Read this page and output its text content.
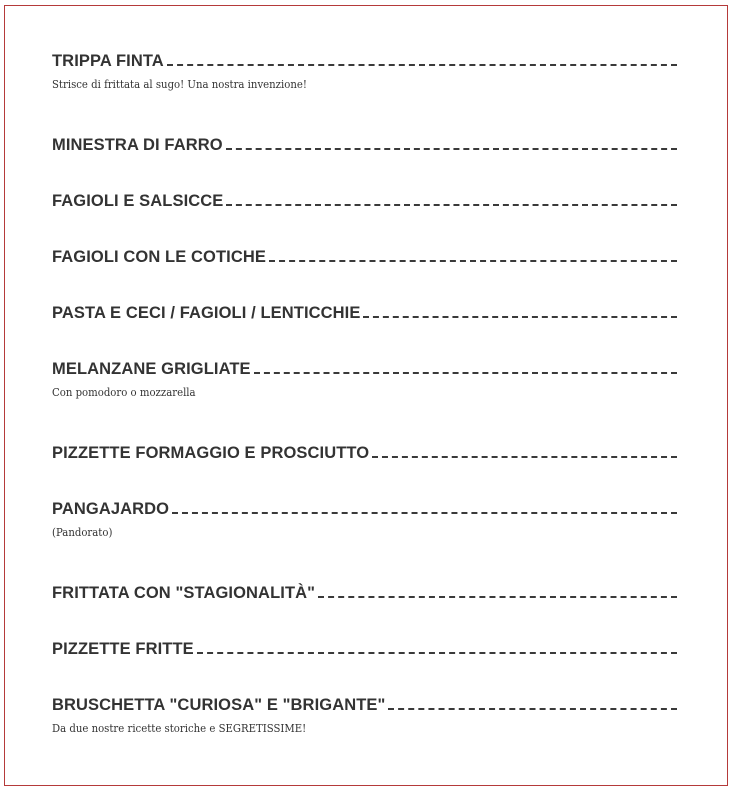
TRIPPA FINTA
Strisce di frittata al sugo! Una nostra invenzione!
MINESTRA DI FARRO
FAGIOLI E SALSICCE
FAGIOLI CON LE COTICHE
PASTA E CECI / FAGIOLI / LENTICCHIE
MELANZANE GRIGLIATE
Con pomodoro o mozzarella
PIZZETTE FORMAGGIO E PROSCIUTTO
PANGAJARDO
(Pandorato)
FRITTATA CON "STAGIONALITÀ"
PIZZETTE FRITTE
BRUSCHETTA "CURIOSA" E "BRIGANTE"
Da due nostre ricette storiche e SEGRETISSIME!
